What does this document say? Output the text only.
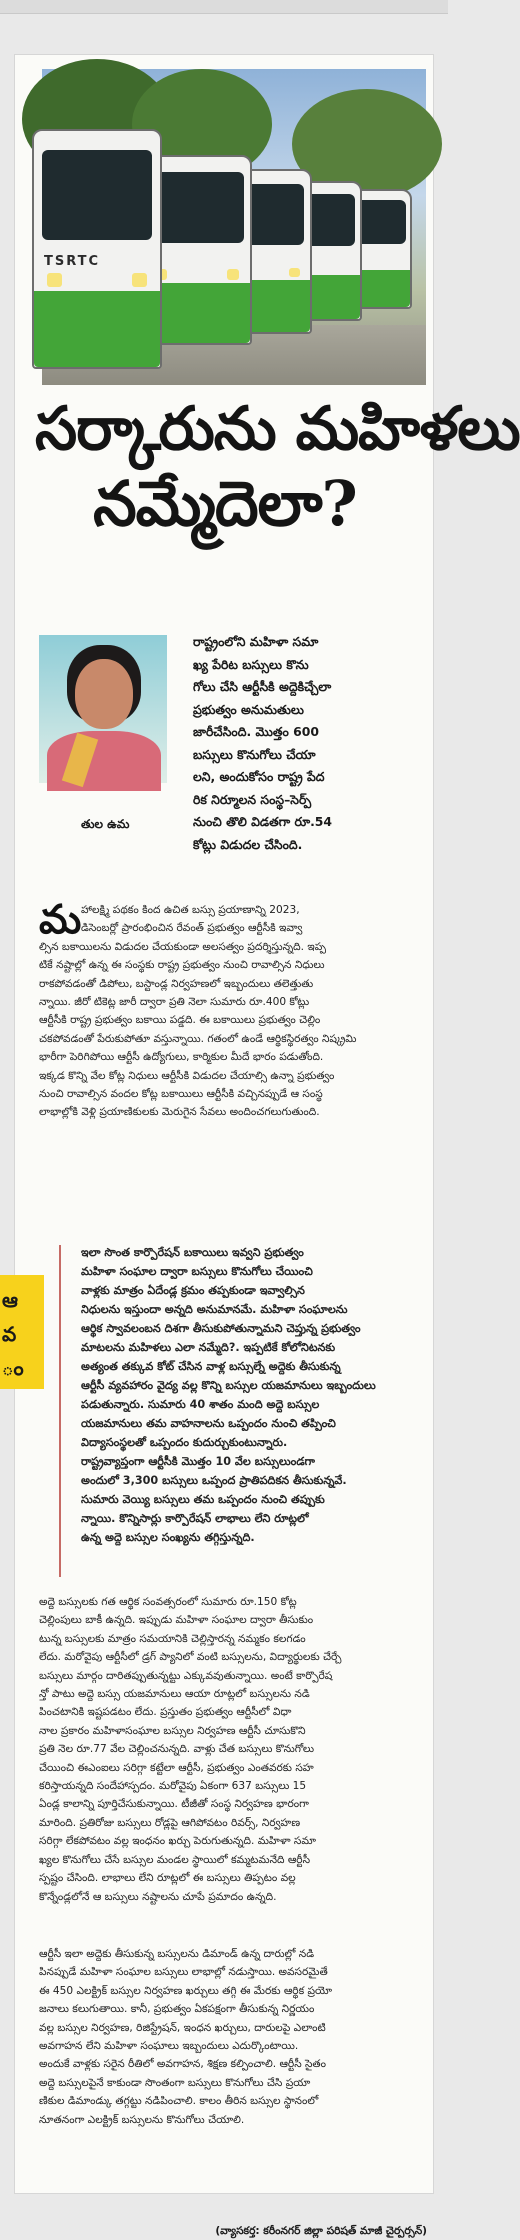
TSRTC
సర్కారును మహిళలు
నమ్మేదెలా?
తుల ఉమ

రాష్ట్రంలోని మహిళా సమా

ఖ్య పేరిట బస్సులు కొను

గోలు చేసి ఆర్టీసీకి అద్దెకిచ్చేలా

ప్రభుత్వం అనుమతులు

జారీచేసింది. మొత్తం 600

బస్సులు కొనుగోలు చేయా

లని, అందుకోసం రాష్ట్ర పేద

రిక నిర్మూలన సంస్థ–సెర్ప్

నుంచి తొలి విడతగా రూ.54

కోట్లు విడుదల చేసింది.

మ హాలక్ష్మి పథకం కింద ఉచిత బస్సు ప్రయాణాన్ని 2023,

డిసెంబర్లో ప్రారంభించిన రేవంత్ ప్రభుత్వం ఆర్టీసీకి ఇవ్వా

ల్సిన బకాయిలను విడుదల చేయకుండా అలసత్వం ప్రదర్శిస్తున్నది. ఇప్ప

టికే నష్టాల్లో ఉన్న ఈ సంస్థకు రాష్ట్ర ప్రభుత్వం నుంచి రావాల్సిన నిధులు

రాకపోవడంతో డిపోలు, బస్టాండ్ల నిర్వహణలో ఇబ్బందులు తలెత్తుతు

న్నాయి. జీరో టికెట్ల జారీ ద్వారా ప్రతి నెలా సుమారు రూ.400 కోట్లు

ఆర్టీసీకి రాష్ట్ర ప్రభుత్వం బకాయి పడ్డది. ఈ బకాయిలు ప్రభుత్వం చెల్లిం

చకపోవడంతో పేరుకుపోతూ వస్తున్నాయి. గతంలో ఉండే ఆర్థికస్థిరత్వం నిష్క్రమి

భారీగా పెరిగిపోయి ఆర్టీసీ ఉద్యోగులు, కార్మికుల మీదే భారం పడుతోంది.

ఇక్కడ కొన్ని వేల కోట్ల నిధులు ఆర్టీసీకి విడుదల చేయాల్సి ఉన్నా ప్రభుత్వం

నుంచి రావాల్సిన వందల కోట్ల బకాయిలు ఆర్టీసీకి వచ్చినప్పుడే ఆ సంస్థ

లాభాల్లోకి వెళ్లి ప్రయాణికులకు మెరుగైన సేవలు అందించగలుగుతుంది.

ఇలా సొంత కార్పొరేషన్ బకాయిలు ఇవ్వని ప్రభుత్వం

మహిళా సంఘాల ద్వారా బస్సులు కొనుగోలు చేయించి

వాళ్లకు మాత్రం ఏదేండ్ల క్రమం తప్పకుండా ఇవ్వాల్సిన

నిధులను ఇస్తుందా అన్నది అనుమానమే. మహిళా సంఘాలను

ఆర్థిక స్వావలంబన దిశగా తీసుకుపోతున్నామని చెప్తున్న ప్రభుత్వం

మాటలను మహిళలు ఎలా నమ్మేది?. ఇప్పటికే కోలోనిటనకు

అత్యంత తక్కువ కోట్ చేసిన వాళ్ల బస్సుల్నే అద్దెకు తీసుకున్న

ఆర్టీసీ వ్యవహారం వైద్య వల్ల కొన్ని బస్సుల యజమానులు ఇబ్బందులు

పడుతున్నారు. సుమారు 40 శాతం మంది అద్దె బస్సుల

యజమానులు తమ వాహనాలను ఒప్పందం నుంచి తప్పించి

విద్యాసంస్థలతో ఒప్పందం కుదుర్చుకుంటున్నారు.

రాష్ట్రవ్యాప్తంగా ఆర్టీసీకి మొత్తం 10 వేల బస్సులుండగా

అందులో 3,300 బస్సులు ఒప్పంద ప్రాతిపదికన తీసుకున్నవే.

సుమారు వెయ్యి బస్సులు తమ ఒప్పందం నుంచి తప్పుకు

న్నాయి. కొన్నిసార్లు కార్పొరేషన్ లాభాలు లేని రూట్లలో

ఉన్న అద్దె బస్సుల సంఖ్యను తగ్గిస్తున్నది.

అద్దె బస్సులకు గత ఆర్థిక సంవత్సరంలో సుమారు రూ.150 కోట్ల

చెల్లింపులు బాకీ ఉన్నది. ఇప్పుడు మహిళా సంఘాల ద్వారా తీసుకుం

టున్న బస్సులకు మాత్రం సమయానికి చెల్లిస్తారన్న నమ్మకం కలగడం

లేదు. మరోవైపు ఆర్టీసీలో డ్రగ్ ప్యానిలో వంటి బస్సులను, విద్యార్థులకు చేర్చే

బస్సులు మార్గం దారితప్పుతున్నట్టు ఎక్కువవుతున్నాయి. అంటే కార్పొరేష

న్తో పాటు అద్దె బస్సు యజమానులు ఆయా రూట్లలో బస్సులను నడి

పించటానికి ఇష్టపడటం లేదు. ప్రస్తుతం ప్రభుత్వం ఆర్టీసీలో విధా

నాల ప్రకారం మహిళాసంఘాల బస్సుల నిర్వహణ ఆర్టీసీ చూసుకొని

ప్రతి నెల రూ.77 వేల చెల్లించనున్నది. వాళ్లు చేత బస్సులు కొనుగోలు

చేయించి ఈఎంఐలు సరిగ్గా కట్టేలా ఆర్టీసీ, ప్రభుత్వం ఎంతవరకు సహ

కరిస్తాయన్నది సందేహాస్పదం. మరోవైపు ఏకంగా 637 బస్సులు 15

ఏండ్ల కాలాన్ని పూర్తిచేసుకున్నాయి. టీజీతో సంస్థ నిర్వహణ భారంగా

మారింది. ప్రతిరోజు బస్సులు రోడ్లపై ఆగిపోవటం రివర్స్, నిర్వహణ

సరిగ్గా లేకపోవటం వల్ల ఇంధనం ఖర్చు పెరుగుతున్నది. మహిళా సమా

ఖ్యల కొనుగోలు చేసే బస్సుల మండల స్థాయిలో కమ్మటమనేది ఆర్టీసీ

స్పష్టం చేసింది. లాభాలు లేని రూట్లలో ఈ బస్సులు తిప్పటం వల్ల

కొన్నేండ్లలోనే ఆ బస్సులు నష్టాలను చూపే ప్రమాదం ఉన్నది.

ఆర్టీసీ ఇలా అద్దెకు తీసుకున్న బస్సులను డిమాండ్ ఉన్న దారుల్లో నడి

పినప్పుడే మహిళా సంఘాల బస్సులు లాభాల్లో నడుస్తాయి. అవసరమైతే

ఈ 450 ఎలక్ట్రిక్ బస్సుల నిర్వహణ ఖర్చులు తగ్గి ఈ మేరకు ఆర్థిక ప్రయో

జనాలు కలుగుతాయి. కానీ, ప్రభుత్వం ఏకపక్షంగా తీసుకున్న నిర్ణయం

వల్ల బస్సుల నిర్వహణ, రిజిస్ట్రేషన్, ఇంధన ఖర్చులు, దారులపై ఎలాంటి

అవగాహన లేని మహిళా సంఘాలు ఇబ్బందులు ఎదుర్కొంటాయి.

అందుకే వాళ్లకు సరైన రీతిలో అవగాహన, శిక్షణ కల్పించాలి. ఆర్టీసీ సైతం

అద్దె బస్సులపైనే కాకుండా సొంతంగా బస్సులు కొనుగోలు చేసి ప్రయా

ణికుల డిమాండ్కు తగ్గట్టు నడిపించాలి. కాలం తీరిన బస్సుల స్థానంలో

నూతనంగా ఎలక్ట్రిక్ బస్సులను కొనుగోలు చేయాలి.

(వ్యాసకర్త: కరీంనగర్ జిల్లా పరిషత్ మాజీ చైర్పర్సన్)
ఆ
వ
ం
